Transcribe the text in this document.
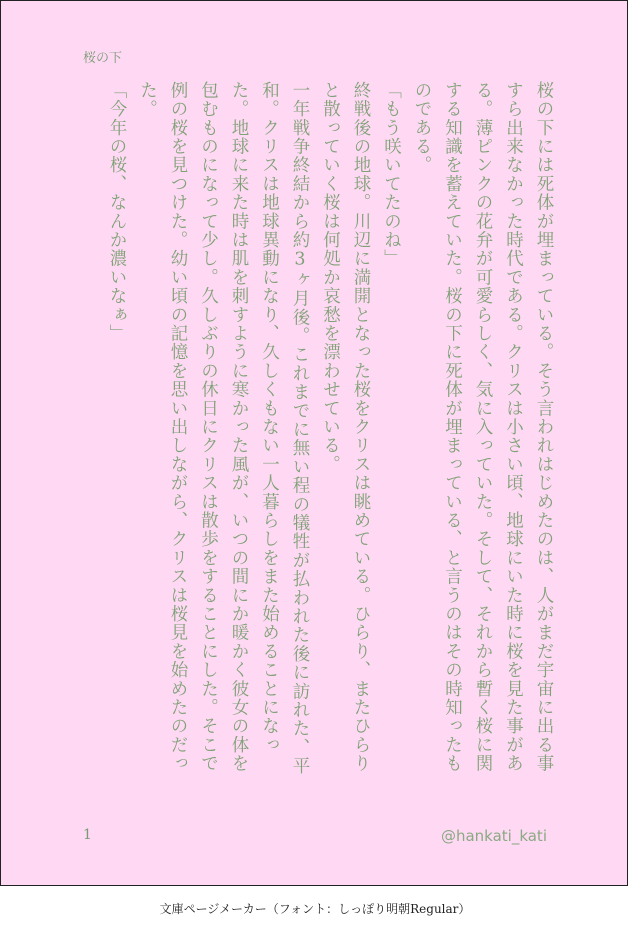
桜の下

桜の下には死体が埋まっている。そう言われはじめたのは、人がまだ宇宙に出る事すら出来なかった時代である。クリスは小さい頃、地球にいた時に桜を見た事がある。薄ピンクの花弁が可愛らしく、気に入っていた。そして、それから暫く桜に関する知識を蓄えていた。桜の下に死体が埋まっている、と言うのはその時知ったものである。

「もう咲いてたのね」

終戦後の地球。川辺に満開となった桜をクリスは眺めている。ひらり、またひらりと散っていく桜は何処か哀愁を漂わせている。

一年戦争終結から約3ヶ月後。これまでに無い程の犠牲が払われた後に訪れた、平和。クリスは地球異動になり、久しくもない一人暮らしをまた始めることになった。地球に来た時は肌を刺すように寒かった風が、いつの間にか暖かく彼女の体を包むものになって少し。久しぶりの休日にクリスは散歩をすることにした。そこで例の桜を見つけた。幼い頃の記憶を思い出しながら、クリスは桜見を始めたのだった。

「今年の桜、なんか濃いなぁ」

1	@hankati_kati
文庫ページメーカー（フォント：しっぽり明朝Regular）
